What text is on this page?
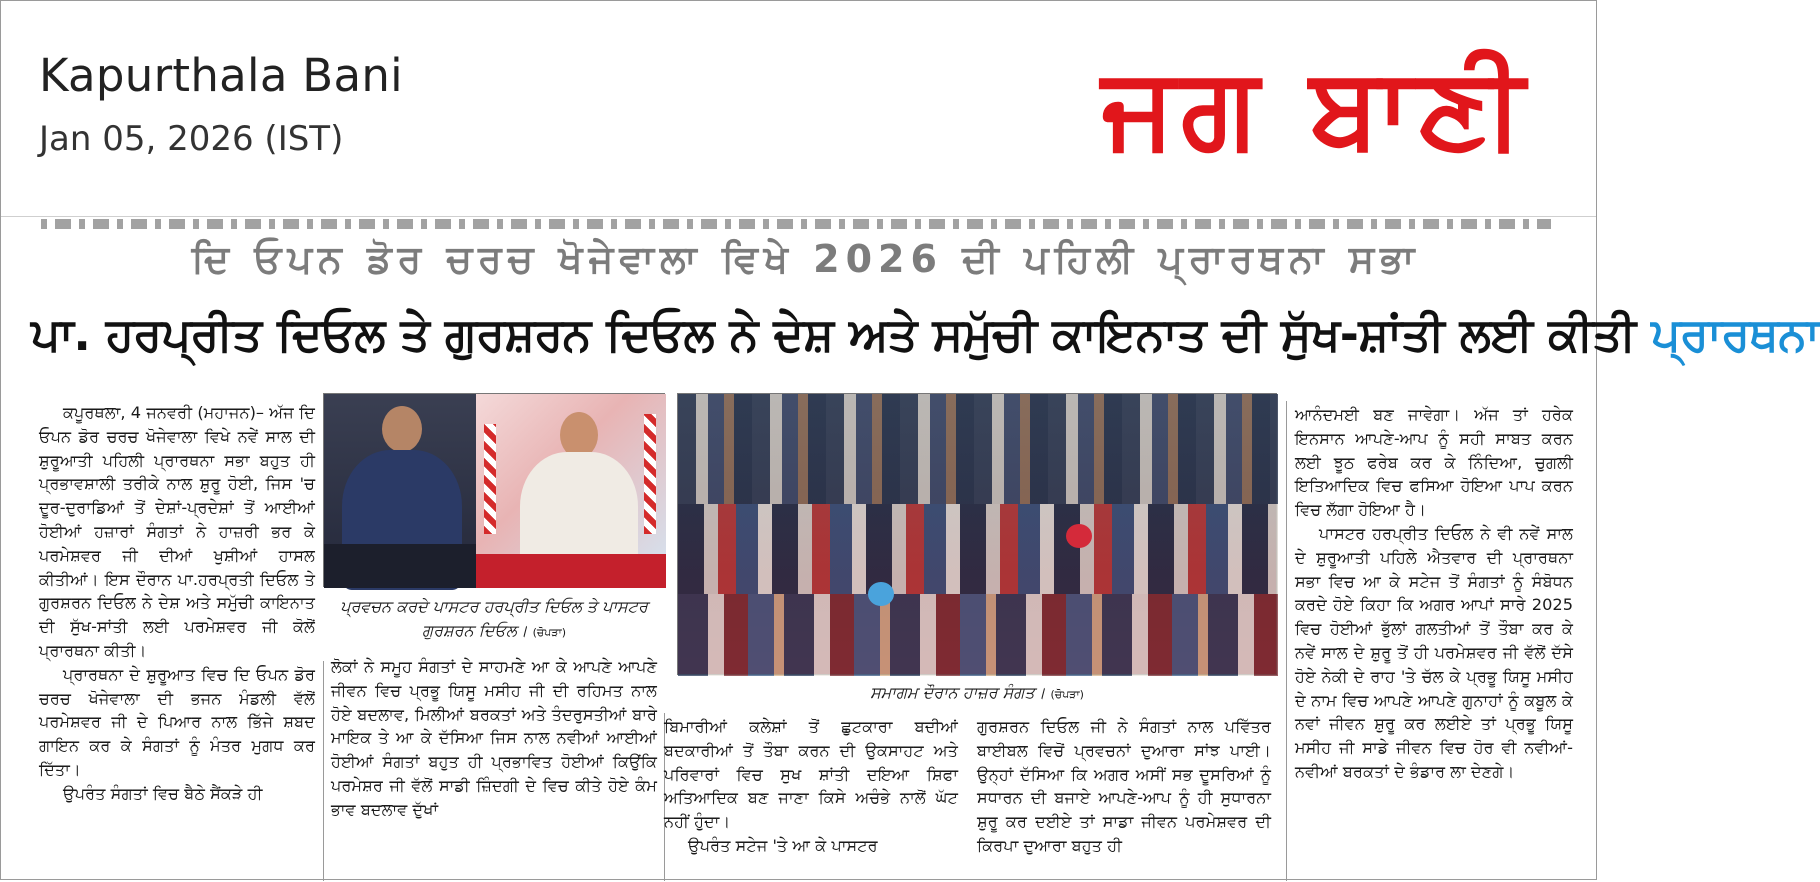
Kapurthala Bani
Jan 05, 2026 (IST)	ਜਗ ਬਾਣੀ
ਦਿ ਓਪਨ ਡੋਰ ਚਰਚ ਖੋਜੇਵਾਲਾ ਵਿਖੇ 2026 ਦੀ ਪਹਿਲੀ ਪ੍ਰਾਰਥਨਾ ਸਭਾ
ਪਾ. ਹਰਪ੍ਰੀਤ ਦਿਓਲ ਤੇ ਗੁਰਸ਼ਰਨ ਦਿਓਲ ਨੇ ਦੇਸ਼ ਅਤੇ ਸਮੁੱਚੀ ਕਾਇਨਾਤ ਦੀ ਸੁੱਖ-ਸ਼ਾਂਤੀ ਲਈ ਕੀਤੀ ਪ੍ਰਾਰਥਨਾ

ਕਪੂਰਥਲਾ, 4 ਜਨਵਰੀ (ਮਹਾਜਨ)– ਅੱਜ ਦਿ ਓਪਨ ਡੋਰ ਚਰਚ ਖੋਜੇਵਾਲਾ ਵਿਖੇ ਨਵੇਂ ਸਾਲ ਦੀ ਸ਼ੁਰੂਆਤੀ ਪਹਿਲੀ ਪ੍ਰਾਰਥਨਾ ਸਭਾ ਬਹੁਤ ਹੀ ਪ੍ਰਭਾਵਸ਼ਾਲੀ ਤਰੀਕੇ ਨਾਲ ਸ਼ੁਰੂ ਹੋਈ, ਜਿਸ 'ਚ ਦੂਰ-ਦੁਰਾਡਿਆਂ ਤੋਂ ਦੇਸ਼ਾਂ-ਪ੍ਰਦੇਸ਼ਾਂ ਤੋਂ ਆਈਆਂ ਹੋਈਆਂ ਹਜ਼ਾਰਾਂ ਸੰਗਤਾਂ ਨੇ ਹਾਜ਼ਰੀ ਭਰ ਕੇ ਪਰਮੇਸ਼ਵਰ ਜੀ ਦੀਆਂ ਖੁਸ਼ੀਆਂ ਹਾਸਲ ਕੀਤੀਆਂ। ਇਸ ਦੌਰਾਨ ਪਾ.ਹਰਪ੍ਰਤੀ ਦਿਓਲ ਤੇ ਗੁਰਸ਼ਰਨ ਦਿਓਲ ਨੇ ਦੇਸ਼ ਅਤੇ ਸਮੁੱਚੀ ਕਾਇਨਾਤ ਦੀ ਸੁੱਖ-ਸਾਂਤੀ ਲਈ ਪਰਮੇਸ਼ਵਰ ਜੀ ਕੋਲੋਂ ਪ੍ਰਾਰਥਨਾ ਕੀਤੀ।

ਪ੍ਰਾਰਥਨਾ ਦੇ ਸ਼ੁਰੂਆਤ ਵਿਚ ਦਿ ਓਪਨ ਡੋਰ ਚਰਚ ਖੋਜੇਵਾਲਾ ਦੀ ਭਜਨ ਮੰਡਲੀ ਵੱਲੋਂ ਪਰਮੇਸ਼ਵਰ ਜੀ ਦੇ ਪਿਆਰ ਨਾਲ ਭਿੱਜੇ ਸ਼ਬਦ ਗਾਇਨ ਕਰ ਕੇ ਸੰਗਤਾਂ ਨੂੰ ਮੰਤਰ ਮੁਗਧ ਕਰ ਦਿੱਤਾ।

ਉਪਰੰਤ ਸੰਗਤਾਂ ਵਿਚ ਬੈਠੇ ਸੈਂਕੜੇ ਹੀ

ਪ੍ਰਵਚਨ ਕਰਦੇ ਪਾਸਟਰ ਹਰਪ੍ਰੀਤ ਦਿਓਲ ਤੇ ਪਾਸਟਰ ਗੁਰਸ਼ਰਨ ਦਿਓਲ। (ਚੋਪੜਾ)

ਲੋਕਾਂ ਨੇ ਸਮੂਹ ਸੰਗਤਾਂ ਦੇ ਸਾਹਮਣੇ ਆ ਕੇ ਆਪਣੇ ਆਪਣੇ ਜੀਵਨ ਵਿਚ ਪ੍ਰਭੂ ਯਿਸੂ ਮਸੀਹ ਜੀ ਦੀ ਰਹਿਮਤ ਨਾਲ ਹੋਏ ਬਦਲਾਵ, ਮਿਲੀਆਂ ਬਰਕਤਾਂ ਅਤੇ ਤੰਦਰੁਸਤੀਆਂ ਬਾਰੇ ਮਾਇਕ ਤੇ ਆ ਕੇ ਦੱਸਿਆ ਜਿਸ ਨਾਲ ਨਵੀਆਂ ਆਈਆਂ ਹੋਈਆਂ ਸੰਗਤਾਂ ਬਹੁਤ ਹੀ ਪ੍ਰਭਾਵਿਤ ਹੋਈਆਂ ਕਿਉਂਕਿ ਪਰਮੇਸ਼ਰ ਜੀ ਵੱਲੋਂ ਸਾਡੀ ਜ਼ਿੰਦਗੀ ਦੇ ਵਿਚ ਕੀਤੇ ਹੋਏ ਕੰਮ ਭਾਵ ਬਦਲਾਵ ਦੁੱਖਾਂ

ਸਮਾਗਮ ਦੌਰਾਨ ਹਾਜ਼ਰ ਸੰਗਤ। (ਚੋਪੜਾ)

ਬਿਮਾਰੀਆਂ ਕਲੇਸ਼ਾਂ ਤੋਂ ਛੁਟਕਾਰਾ ਬਦੀਆਂ ਬਦਕਾਰੀਆਂ ਤੋਂ ਤੌਬਾ ਕਰਨ ਦੀ ਉਕਸਾਹਟ ਅਤੇ ਪਰਿਵਾਰਾਂ ਵਿਚ ਸੁਖ ਸ਼ਾਂਤੀ ਦਇਆ ਸ਼ਿਫਾ ਅਤਿਆਦਿਕ ਬਣ ਜਾਣਾ ਕਿਸੇ ਅਚੰਭੇ ਨਾਲੋਂ ਘੱਟ ਨਹੀਂ ਹੁੰਦਾ।

ਉਪਰੰਤ ਸਟੇਜ 'ਤੇ ਆ ਕੇ ਪਾਸਟਰ

ਗੁਰਸ਼ਰਨ ਦਿਓਲ ਜੀ ਨੇ ਸੰਗਤਾਂ ਨਾਲ ਪਵਿੱਤਰ ਬਾਈਬਲ ਵਿਚੋਂ ਪ੍ਰਵਚਨਾਂ ਦੁਆਰਾ ਸਾਂਝ ਪਾਈ। ਉਨ੍ਹਾਂ ਦੱਸਿਆ ਕਿ ਅਗਰ ਅਸੀਂ ਸਭ ਦੂਸਰਿਆਂ ਨੂੰ ਸਧਾਰਨ ਦੀ ਬਜਾਏ ਆਪਣੇ-ਆਪ ਨੂੰ ਹੀ ਸੁਧਾਰਨਾ ਸ਼ੁਰੂ ਕਰ ਦਈਏ ਤਾਂ ਸਾਡਾ ਜੀਵਨ ਪਰਮੇਸ਼ਵਰ ਦੀ ਕਿਰਪਾ ਦੁਆਰਾ ਬਹੁਤ ਹੀ

ਆਨੰਦਮਈ ਬਣ ਜਾਵੇਗਾ। ਅੱਜ ਤਾਂ ਹਰੇਕ ਇਨਸਾਨ ਆਪਣੇ-ਆਪ ਨੂੰ ਸਹੀ ਸਾਬਤ ਕਰਨ ਲਈ ਝੂਠ ਫਰੇਬ ਕਰ ਕੇ ਨਿੰਦਿਆ, ਚੁਗਲੀ ਇਤਿਆਦਿਕ ਵਿਚ ਫਸਿਆ ਹੋਇਆ ਪਾਪ ਕਰਨ ਵਿਚ ਲੱਗਾ ਹੋਇਆ ਹੈ।

ਪਾਸਟਰ ਹਰਪ੍ਰੀਤ ਦਿਓਲ ਨੇ ਵੀ ਨਵੇਂ ਸਾਲ ਦੇ ਸ਼ੁਰੂਆਤੀ ਪਹਿਲੇ ਐਤਵਾਰ ਦੀ ਪ੍ਰਾਰਥਨਾ ਸਭਾ ਵਿਚ ਆ ਕੇ ਸਟੇਜ ਤੋਂ ਸੰਗਤਾਂ ਨੂੰ ਸੰਬੋਧਨ ਕਰਦੇ ਹੋਏ ਕਿਹਾ ਕਿ ਅਗਰ ਆਪਾਂ ਸਾਰੇ 2025 ਵਿਚ ਹੋਈਆਂ ਭੁੱਲਾਂ ਗਲਤੀਆਂ ਤੋਂ ਤੌਬਾ ਕਰ ਕੇ ਨਵੇਂ ਸਾਲ ਦੇ ਸ਼ੁਰੂ ਤੋਂ ਹੀ ਪਰਮੇਸ਼ਵਰ ਜੀ ਵੱਲੋਂ ਦੱਸੇ ਹੋਏ ਨੇਕੀ ਦੇ ਰਾਹ 'ਤੇ ਚੱਲ ਕੇ ਪ੍ਰਭੂ ਯਿਸੂ ਮਸੀਹ ਦੇ ਨਾਮ ਵਿਚ ਆਪਣੇ ਆਪਣੇ ਗੁਨਾਹਾਂ ਨੂੰ ਕਬੂਲ ਕੇ ਨਵਾਂ ਜੀਵਨ ਸ਼ੁਰੂ ਕਰ ਲਈਏ ਤਾਂ ਪ੍ਰਭੂ ਯਿਸੂ ਮਸੀਹ ਜੀ ਸਾਡੇ ਜੀਵਨ ਵਿਚ ਹੋਰ ਵੀ ਨਵੀਆਂ-ਨਵੀਆਂ ਬਰਕਤਾਂ ਦੇ ਭੰਡਾਰ ਲਾ ਦੇਣਗੇ।
